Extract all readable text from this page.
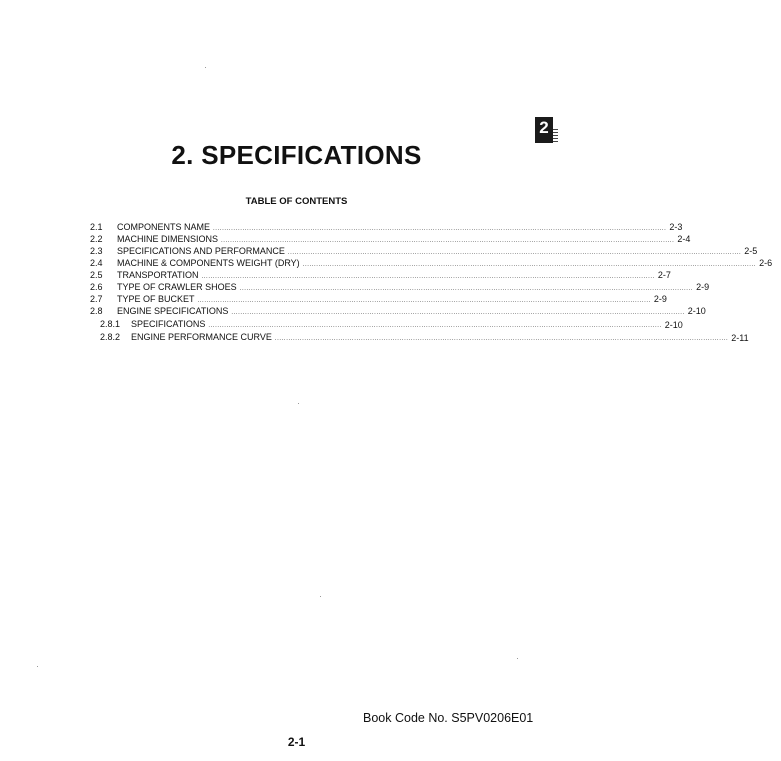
2
2. SPECIFICATIONS
TABLE OF CONTENTS
2.1	COMPONENTS NAME ........................................................................................................................................................................................................ 2-3
2.2	MACHINE DIMENSIONS ........................................................................................................................................................................................................ 2-4
2.3	SPECIFICATIONS AND PERFORMANCE ........................................................................................................................................................................................................ 2-5
2.4	MACHINE & COMPONENTS WEIGHT (DRY) ........................................................................................................................................................................................................ 2-6
2.5	TRANSPORTATION ........................................................................................................................................................................................................ 2-7
2.6	TYPE OF CRAWLER SHOES ........................................................................................................................................................................................................ 2-9
2.7	TYPE OF BUCKET ........................................................................................................................................................................................................ 2-9
2.8	ENGINE SPECIFICATIONS ........................................................................................................................................................................................................ 2-10
2.8.1	SPECIFICATIONS ........................................................................................................................................................................................................ 2-10
2.8.2	ENGINE PERFORMANCE CURVE ........................................................................................................................................................................................................ 2-11

Book Code No. S5PV0206E01

2-1
